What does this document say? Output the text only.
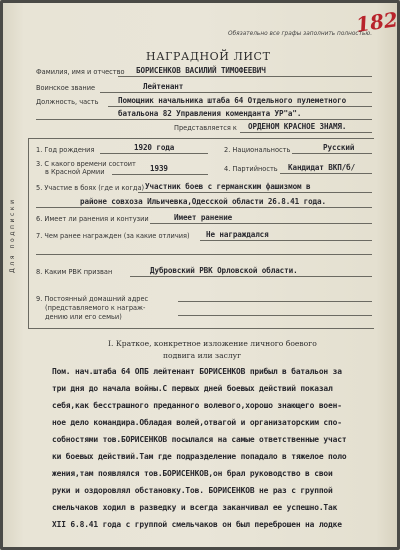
Обязательно все графы заполнить полностью.
182
НАГРАДНОЙ ЛИСТ
Фамилия, имя и отчество БОРИСЕНКОВ ВАСИЛИЙ ТИМОФЕЕВИЧ
Воинское звание	Лейтенант
Должность, часть	Помощник начальника штаба 64 Отдельного пулеметного
батальона 82 Управления коменданта УР"а".
Представляется к ОРДЕНОМ КРАСНОЕ ЗНАМЯ.
Для подписки
1. Год рождения	1920 года	2. Национальность	Русский
3. С какого времени состоит
в Красной Армии	1939	4. Партийность Кандидат ВКП/б/
5. Участие в боях (где и когда) Участник боев с германским фашизмом в
районе совхоза Ильичевка,Одесской области 26.8.41 года.
6. Имеет ли ранения и контузии	Имеет ранение
7. Чем ранее награжден (за какие отличия) Не награждался
8. Каким РВК призван	Дубровский РВК Орловской области.
9. Постоянный домашний адрес
(представляемого к награж-
дению или его семьи)
I. Краткое, конкретное изложение личного боевого
подвига или заслуг
Пом. нач.штаба 64 ОПБ лейтенант БОРИСЕНКОВ прибыл в батальон за
три дня до начала войны.С первых дней боевых действий показал
себя,как бесстрашного преданного волевого,хорошо знающего воен-
ное дело командира.Обладая волей,отвагой и организаторским спо-
собностями тов.БОРИСЕНКОВ посылался на самые ответственные участ
ки боевых действий.Там где подразделение попадало в тяжелое поло
жения,там появлялся тов.БОРИСЕНКОВ,он брал руководство в свои
руки и оздоровлял обстановку.Тов. БОРИСЕНКОВ не раз с группой
смельчаков ходил в разведку и всегда заканчивал ее успешно.Так
XII 6.8.41 года с группой смельчаков он был переброшен на лодке
